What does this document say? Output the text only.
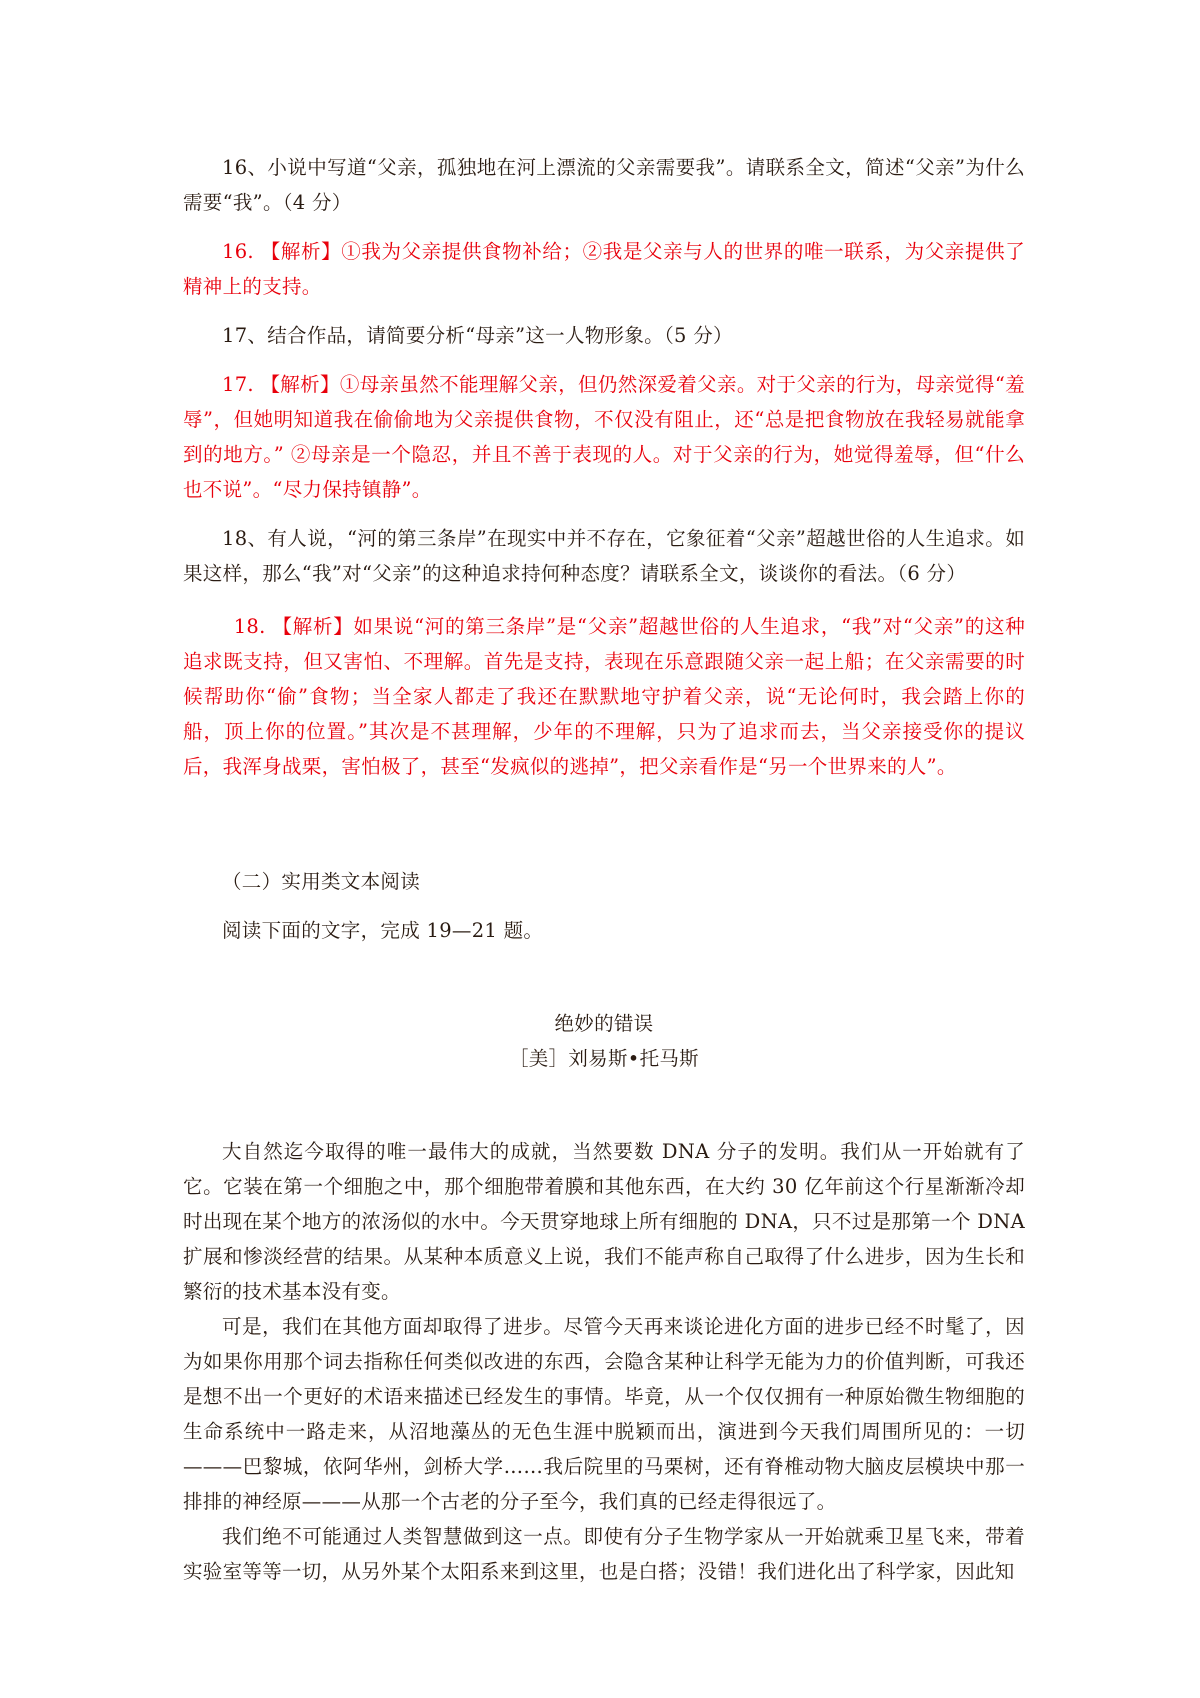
16、小说中写道“父亲，孤独地在河上漂流的父亲需要我”。请联系全文，简述“父亲”为什么需要“我”。（4 分）

16. 【解析】①我为父亲提供食物补给；②我是父亲与人的世界的唯一联系，为父亲提供了精神上的支持。

17、结合作品，请简要分析“母亲”这一人物形象。（5 分）

17. 【解析】①母亲虽然不能理解父亲，但仍然深爱着父亲。对于父亲的行为，母亲觉得“羞辱”，但她明知道我在偷偷地为父亲提供食物，不仅没有阻止，还“总是把食物放在我轻易就能拿到的地方。” ②母亲是一个隐忍，并且不善于表现的人。对于父亲的行为，她觉得羞辱，但“什么也不说”。“尽力保持镇静”。

18、有人说，“河的第三条岸”在现实中并不存在，它象征着“父亲”超越世俗的人生追求。如果这样，那么“我”对“父亲”的这种追求持何种态度？请联系全文，谈谈你的看法。（6 分）

18. 【解析】如果说“河的第三条岸”是“父亲”超越世俗的人生追求，“我”对“父亲”的这种追求既支持，但又害怕、不理解。首先是支持，表现在乐意跟随父亲一起上船；在父亲需要的时候帮助你“偷”食物；当全家人都走了我还在默默地守护着父亲，说“无论何时，我会踏上你的船，顶上你的位置。”其次是不甚理解，少年的不理解，只为了追求而去，当父亲接受你的提议后，我浑身战栗，害怕极了，甚至“发疯似的逃掉”，把父亲看作是“另一个世界来的人”。

（二）实用类文本阅读

阅读下面的文字，完成 19—21 题。

绝妙的错误

［美］刘易斯•托马斯

大自然迄今取得的唯一最伟大的成就，当然要数 DNA 分子的发明。我们从一开始就有了它。它装在第一个细胞之中，那个细胞带着膜和其他东西，在大约 30 亿年前这个行星渐渐冷却时出现在某个地方的浓汤似的水中。今天贯穿地球上所有细胞的 DNA，只不过是那第一个 DNA 扩展和惨淡经营的结果。从某种本质意义上说，我们不能声称自己取得了什么进步，因为生长和繁衍的技术基本没有变。

可是，我们在其他方面却取得了进步。尽管今天再来谈论进化方面的进步已经不时髦了，因为如果你用那个词去指称任何类似改进的东西，会隐含某种让科学无能为力的价值判断，可我还是想不出一个更好的术语来描述已经发生的事情。毕竟，从一个仅仅拥有一种原始微生物细胞的生命系统中一路走来，从沼地藻丛的无色生涯中脱颖而出，演进到今天我们周围所见的：一切———巴黎城，依阿华州，剑桥大学……我后院里的马栗树，还有脊椎动物大脑皮层模块中那一排排的神经原———从那一个古老的分子至今，我们真的已经走得很远了。

我们绝不可能通过人类智慧做到这一点。即使有分子生物学家从一开始就乘卫星飞来，带着实验室等等一切，从另外某个太阳系来到这里，也是白搭；没错！我们进化出了科学家，因此知
